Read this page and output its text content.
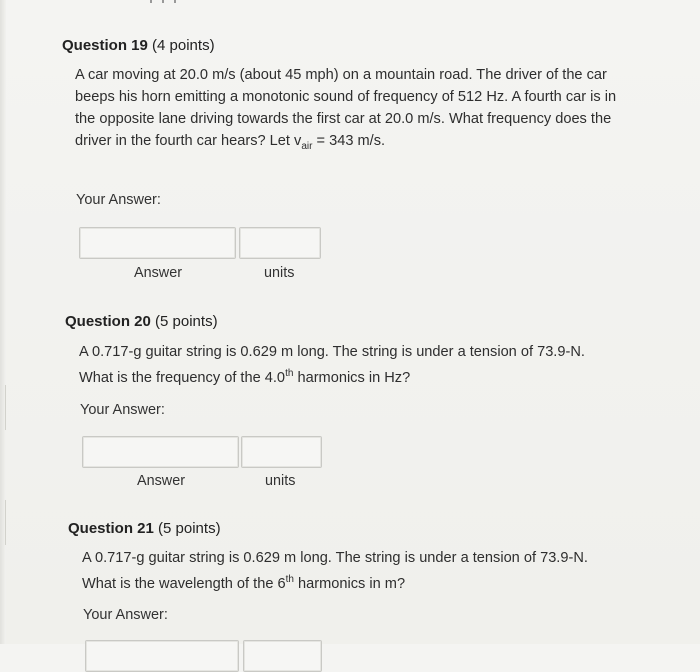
Question 19 (4 points)
A car moving at 20.0 m/s (about 45 mph) on a mountain road. The driver of the car beeps his horn emitting a monotonic sound of frequency of 512 Hz. A fourth car is in the opposite lane driving towards the first car at 20.0 m/s. What frequency does the driver in the fourth car hears? Let $v_{air} = 343$ m/s.
Your Answer:
Answer	units
Question 20 (5 points)
A 0.717-g guitar string is 0.629 m long. The string is under a tension of 73.9-N. What is the frequency of the 4.0th harmonics in Hz?
Your Answer:
Answer	units
Question 21 (5 points)
A 0.717-g guitar string is 0.629 m long. The string is under a tension of 73.9-N. What is the wavelength of the 6th harmonics in m?
Your Answer:
